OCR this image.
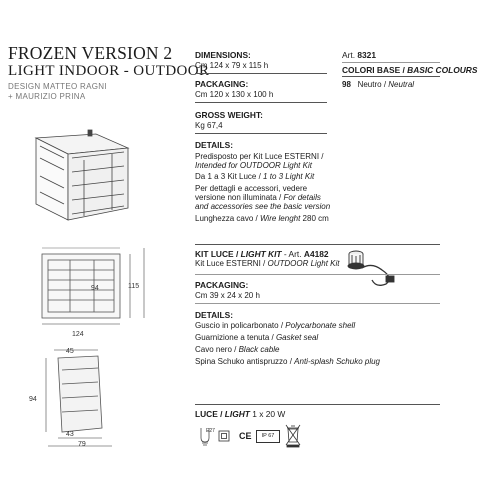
FROZEN VERSION 2
LIGHT INDOOR - OUTDOOR
DESIGN MATTEO RAGNI
+ MAURIZIO PRINA
94	115
124
45
94
43
79
DIMENSIONS:
Cm 124 x 79 x 115 h
PACKAGING:
Cm 120 x 130 x 100 h
GROSS WEIGHT:
Kg 67,4
DETAILS:
Predisposto per Kit Luce ESTERNI /
Intended for OUTDOOR Light Kit
Da 1 a 3 Kit Luce / 1 to 3 Light Kit
Per dettagli e accessori, vedere
versione non illuminata / For details
and accessories see the basic version
Lunghezza cavo / Wire lenght 280 cm
Art. 8321
COLORI BASE / BASIC COLOURS
98 Neutro / Neutral
KIT LUCE / LIGHT KIT - Art. A4182
Kit Luce ESTERNI / OUTDOOR Light Kit
PACKAGING:
Cm 39 x 24 x 20 h
DETAILS:
Guscio in policarbonato / Polycarbonate shell
Guarnizione a tenuta / Gasket seal
Cavo nero / Black cable
Spina Schuko antispruzzo / Anti-splash Schuko plug
LUCE / LIGHT 1 x 20 W
E27	CE	IP 67
